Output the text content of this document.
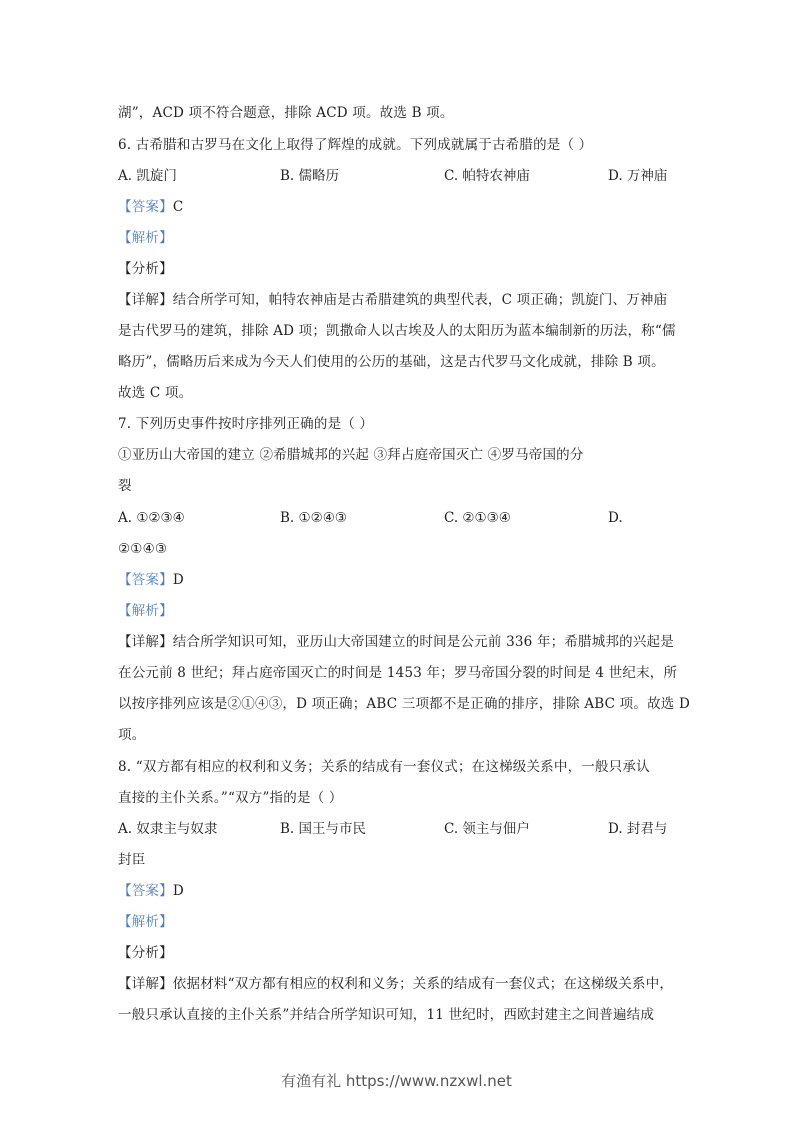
湖”，ACD 项不符合题意，排除 ACD 项。故选 B 项。
6. 古希腊和古罗马在文化上取得了辉煌的成就。下列成就属于古希腊的是（ ）
A. 凯旋门	B. 儒略历	C. 帕特农神庙	D. 万神庙
【答案】C
【解析】
【分析】
【详解】结合所学可知，帕特农神庙是古希腊建筑的典型代表，C 项正确；凯旋门、万神庙
是古代罗马的建筑，排除 AD 项；凯撒命人以古埃及人的太阳历为蓝本编制新的历法，称“儒
略历”，儒略历后来成为今天人们使用的公历的基础，这是古代罗马文化成就，排除 B 项。
故选 C 项。
7. 下列历史事件按时序排列正确的是（ ）
①亚历山大帝国的建立 ②希腊城邦的兴起 ③拜占庭帝国灭亡 ④罗马帝国的分
裂
A. ①②③④	B. ①②④③	C. ②①③④	D.
②①④③
【答案】D
【解析】
【详解】结合所学知识可知，亚历山大帝国建立的时间是公元前 336 年；希腊城邦的兴起是
在公元前 8 世纪；拜占庭帝国灭亡的时间是 1453 年；罗马帝国分裂的时间是 4 世纪末，所
以按序排列应该是②①④③，D 项正确；ABC 三项都不是正确的排序，排除 ABC 项。故选 D
项。
8. “双方都有相应的权利和义务；关系的结成有一套仪式；在这梯级关系中，一般只承认
直接的主仆关系。”“双方”指的是（ ）
A. 奴隶主与奴隶	B. 国王与市民	C. 领主与佃户	D. 封君与
封臣
【答案】D
【解析】
【分析】
【详解】依据材料“双方都有相应的权利和义务；关系的结成有一套仪式；在这梯级关系中，
一般只承认直接的主仆关系”并结合所学知识可知，11 世纪时，西欧封建主之间普遍结成
有渔有礼 https://www.nzxwl.net
